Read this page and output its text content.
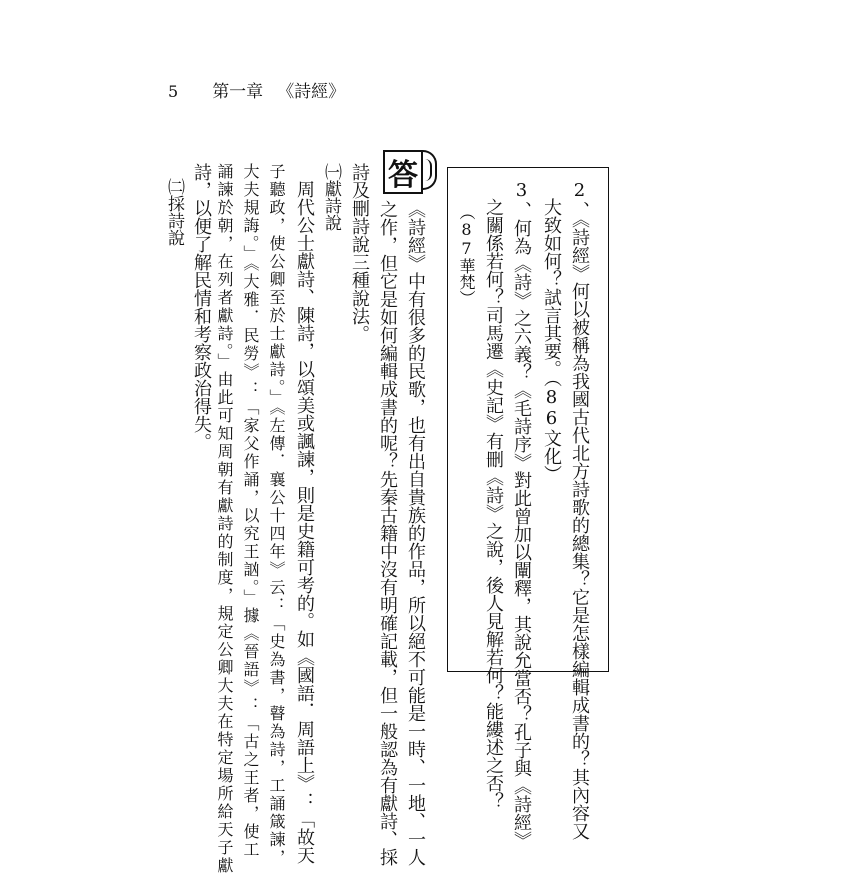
5 第一章 《詩經》
2、《詩經》何以被稱為我國古代北方詩歌的總集？它是怎樣編輯成書的？其內容又
大致如何？試言其要。（86文化）
3、何為《詩》之六義？《毛詩序》對此曾加以闡釋，其說允當否？孔子與《詩經》
之關係若何？司馬遷《史記》有刪《詩》之說，後人見解若何？能縷述之否？
（87華梵）
答
《詩經》中有很多的民歌，也有出自貴族的作品，所以絕不可能是一時、一地、一人
之作，但它是如何編輯成書的呢？先秦古籍中沒有明確記載，但一般認為有獻詩、採
詩及刪詩說三種說法。
㈠獻詩說
周代公士獻詩、陳詩，以頌美或諷諫，則是史籍可考的。如《國語．周語上》：「故天
子聽政，使公卿至於士獻詩。」《左傳．襄公十四年》云：「史為書，瞽為詩，工誦箴諫，
大夫規誨。」《大雅．民勞》：「家父作誦，以究王訩。」據《晉語》：「古之王者，使工
誦諫於朝，在列者獻詩。」由此可知周朝有獻詩的制度，規定公卿大夫在特定場所給天子獻
詩，以便了解民情和考察政治得失。
㈡採詩說
